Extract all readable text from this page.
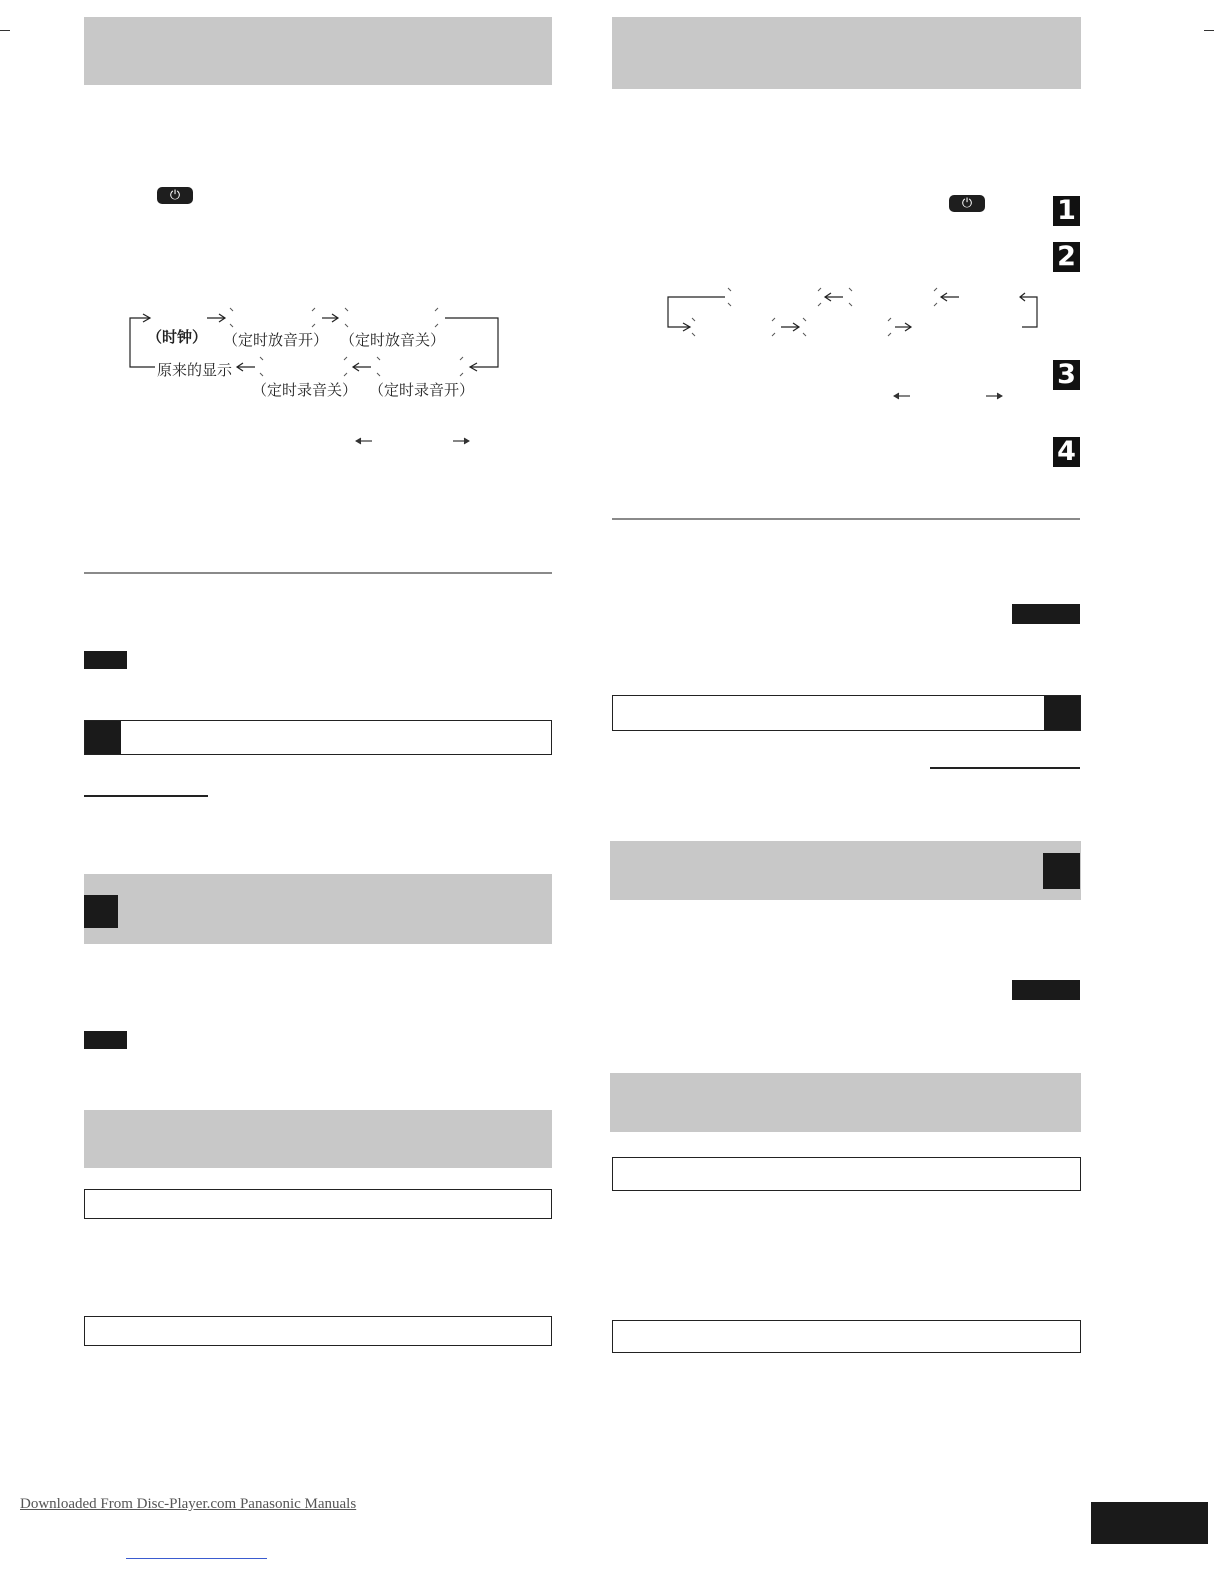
⏻
（时钟） （定时放音开） （定时放音关）
原来的显示
（定时录音关） （定时录音开）
⏻	1
2
3
4
Downloaded From Disc-Player.com Panasonic Manuals
